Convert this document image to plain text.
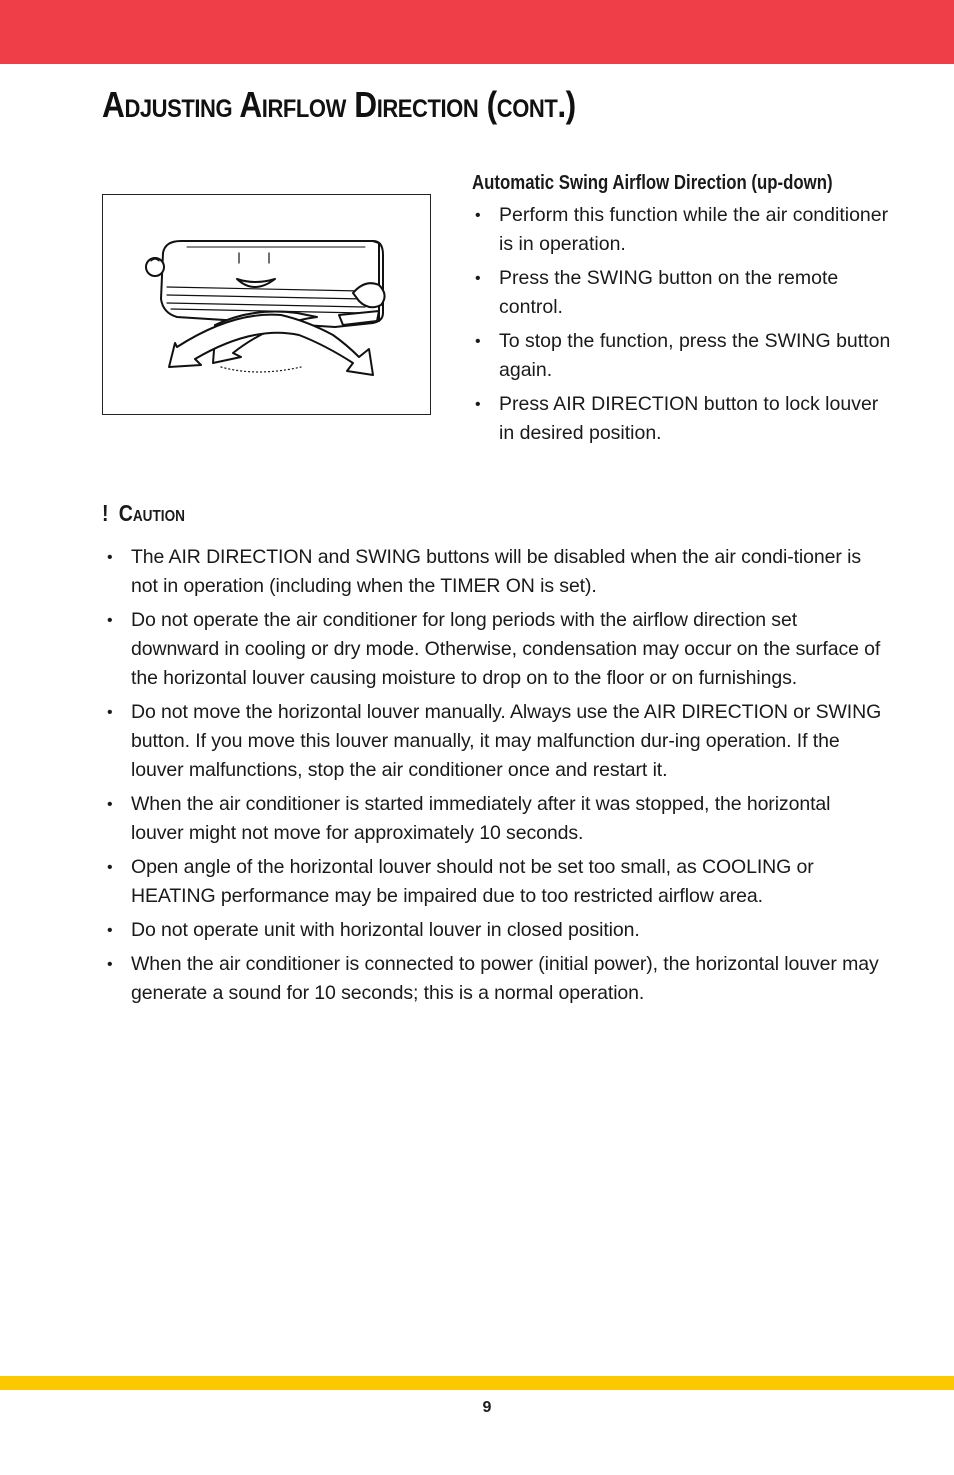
Adjusting Airflow Direction (cont.)
Automatic Swing Airflow Direction (up-down)
• Perform this function while the air conditioner is in operation.
• Press the SWING button on the remote control.
• To stop the function, press the SWING button again.
• Press AIR DIRECTION button to lock louver in desired position.
! Caution
• The AIR DIRECTION and SWING buttons will be disabled when the air condi-tioner is not in operation (including when the TIMER ON is set).
• Do not operate the air conditioner for long periods with the airflow direction set downward in cooling or dry mode. Otherwise, condensation may occur on the surface of the horizontal louver causing moisture to drop on to the floor or on furnishings.
• Do not move the horizontal louver manually. Always use the AIR DIRECTION or SWING button. If you move this louver manually, it may malfunction dur-ing operation. If the louver malfunctions, stop the air conditioner once and restart it.
• When the air conditioner is started immediately after it was stopped, the horizontal louver might not move for approximately 10 seconds.
• Open angle of the horizontal louver should not be set too small, as COOLING or HEATING performance may be impaired due to too restricted airflow area.
• Do not operate unit with horizontal louver in closed position.
• When the air conditioner is connected to power (initial power), the horizontal louver may generate a sound for 10 seconds; this is a normal operation.
9
